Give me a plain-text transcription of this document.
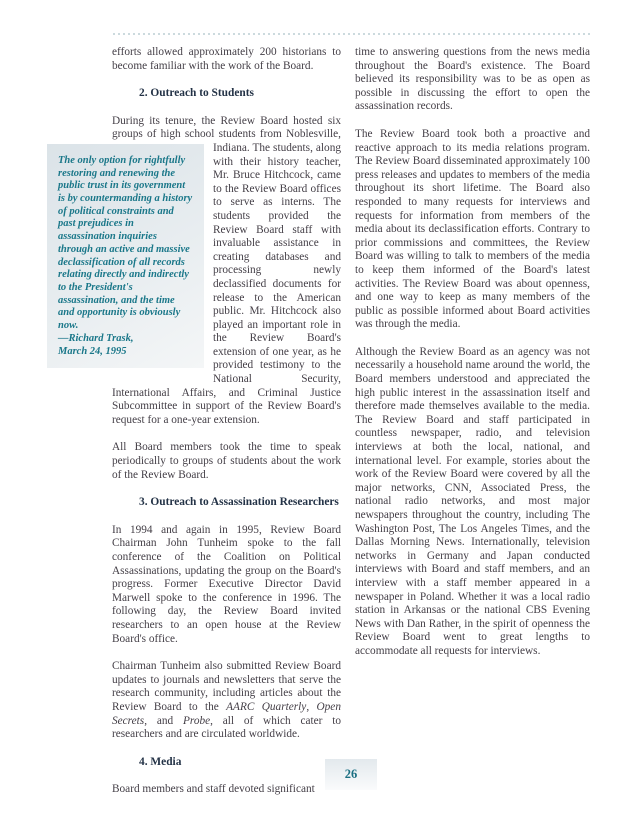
efforts allowed approximately 200 historians to become familiar with the work of the Board.

2. Outreach to Students

During its tenure, the Review Board hosted six groups of high school students from
The only option for rightfully restoring and renewing the public trust in its government is by countermanding a history of political constraints and past prejudices in assassination inquiries through an active and massive declassification of all records relating directly and indirectly to the President's assassination, and the time and opportunity is obviously now.
—Richard Trask,
March 24, 1995
Noblesville, Indiana. The students, along with their history teacher, Mr. Bruce Hitchcock, came to the Review Board offices to serve as interns. The students provided the Review Board staff with invaluable assistance in creating databases and processing newly declassified documents for release to the American public. Mr. Hitchcock also played an important role in the Review Board's extension of one year, as he provided testimony to the National Security, International Affairs, and Criminal Justice Subcommittee in support of the Review Board's request for a one-year extension.

All Board members took the time to speak periodically to groups of students about the work of the Review Board.

3. Outreach to Assassination Researchers

In 1994 and again in 1995, Review Board Chairman John Tunheim spoke to the fall conference of the Coalition on Political Assassinations, updating the group on the Board's progress. Former Executive Director David Marwell spoke to the conference in 1996. The following day, the Review Board invited researchers to an open house at the Review Board's office.

Chairman Tunheim also submitted Review Board updates to journals and newsletters that serve the research community, including articles about the Review Board to the AARC Quarterly, Open Secrets, and Probe, all of which cater to researchers and are circulated worldwide.

4. Media

Board members and staff devoted significant

time to answering questions from the news media throughout the Board's existence. The Board believed its responsibility was to be as open as possible in discussing the effort to open the assassination records.

The Review Board took both a proactive and reactive approach to its media relations program. The Review Board disseminated approximately 100 press releases and updates to members of the media throughout its short lifetime. The Board also responded to many requests for interviews and requests for information from members of the media about its declassification efforts. Contrary to prior commissions and committees, the Review Board was willing to talk to members of the media to keep them informed of the Board's latest activities. The Review Board was about openness, and one way to keep as many members of the public as possible informed about Board activities was through the media.

Although the Review Board as an agency was not necessarily a household name around the world, the Board members understood and appreciated the high public interest in the assassination itself and therefore made themselves available to the media. The Review Board and staff participated in countless newspaper, radio, and television interviews at both the local, national, and international level. For example, stories about the work of the Review Board were covered by all the major networks, CNN, Associated Press, the national radio networks, and most major newspapers throughout the country, including The Washington Post, The Los Angeles Times, and the Dallas Morning News. Internationally, television networks in Germany and Japan conducted interviews with Board and staff members, and an interview with a staff member appeared in a newspaper in Poland. Whether it was a local radio station in Arkansas or the national CBS Evening News with Dan Rather, in the spirit of openness the Review Board went to great lengths to accommodate all requests for interviews.

26
